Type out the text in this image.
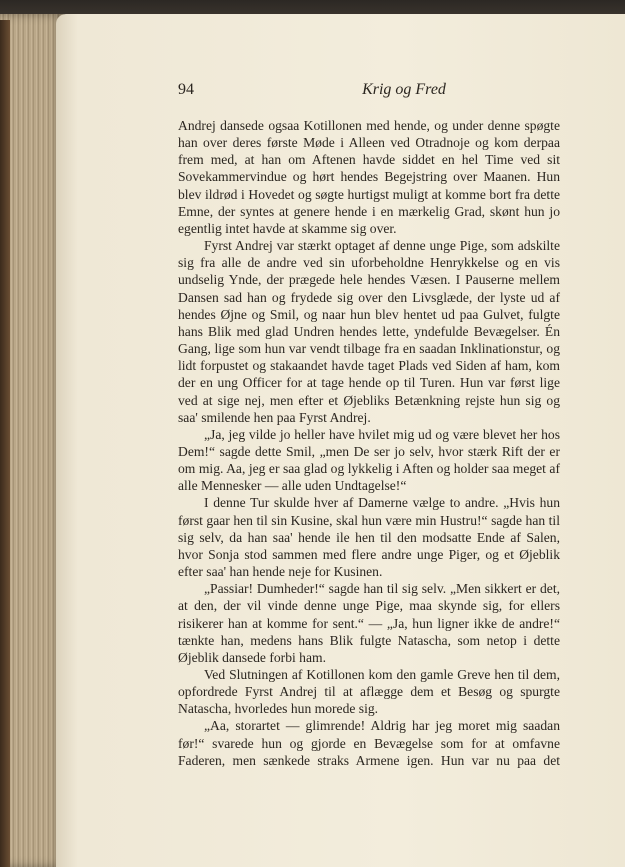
94	Krig og Fred

Andrej dansede ogsaa Kotillonen med hende, og under denne spøgte han over deres første Møde i Alleen ved Otradnoje og kom derpaa frem med, at han om Aftenen havde siddet en hel Time ved sit Sovekammervindue og hørt hendes Begejstring over Maanen. Hun blev ildrød i Hovedet og søgte hurtigst muligt at komme bort fra dette Emne, der syntes at genere hende i en mærkelig Grad, skønt hun jo egentlig intet havde at skamme sig over.

Fyrst Andrej var stærkt optaget af denne unge Pige, som adskilte sig fra alle de andre ved sin uforbeholdne Henrykkelse og en vis undselig Ynde, der prægede hele hendes Væsen. I Pauserne mellem Dansen sad han og frydede sig over den Livsglæde, der lyste ud af hendes Øjne og Smil, og naar hun blev hentet ud paa Gulvet, fulgte hans Blik med glad Undren hendes lette, yndefulde Bevægelser. Én Gang, lige som hun var vendt tilbage fra en saadan Inklinationstur, og lidt forpustet og stakaandet havde taget Plads ved Siden af ham, kom der en ung Officer for at tage hende op til Turen. Hun var først lige ved at sige nej, men efter et Øjebliks Betænkning rejste hun sig og saa' smilende hen paa Fyrst Andrej.

„Ja, jeg vilde jo heller have hvilet mig ud og være blevet her hos Dem!“ sagde dette Smil, „men De ser jo selv, hvor stærk Rift der er om mig. Aa, jeg er saa glad og lykkelig i Aften og holder saa meget af alle Mennesker — alle uden Undtagelse!“

I denne Tur skulde hver af Damerne vælge to andre. „Hvis hun først gaar hen til sin Kusine, skal hun være min Hustru!“ sagde han til sig selv, da han saa' hende ile hen til den modsatte Ende af Salen, hvor Sonja stod sammen med flere andre unge Piger, og et Øjeblik efter saa' han hende neje for Kusinen.

„Passiar! Dumheder!“ sagde han til sig selv. „Men sikkert er det, at den, der vil vinde denne unge Pige, maa skynde sig, for ellers risikerer han at komme for sent.“ — „Ja, hun ligner ikke de andre!“ tænkte han, medens hans Blik fulgte Natascha, som netop i dette Øjeblik dansede forbi ham.

Ved Slutningen af Kotillonen kom den gamle Greve hen til dem, opfordrede Fyrst Andrej til at aflægge dem et Besøg og spurgte Natascha, hvorledes hun morede sig.

„Aa, storartet — glimrende! Aldrig har jeg moret mig saadan før!“ svarede hun og gjorde en Bevægelse som for at omfavne Faderen, men sænkede straks Armene igen. Hun var nu paa det
